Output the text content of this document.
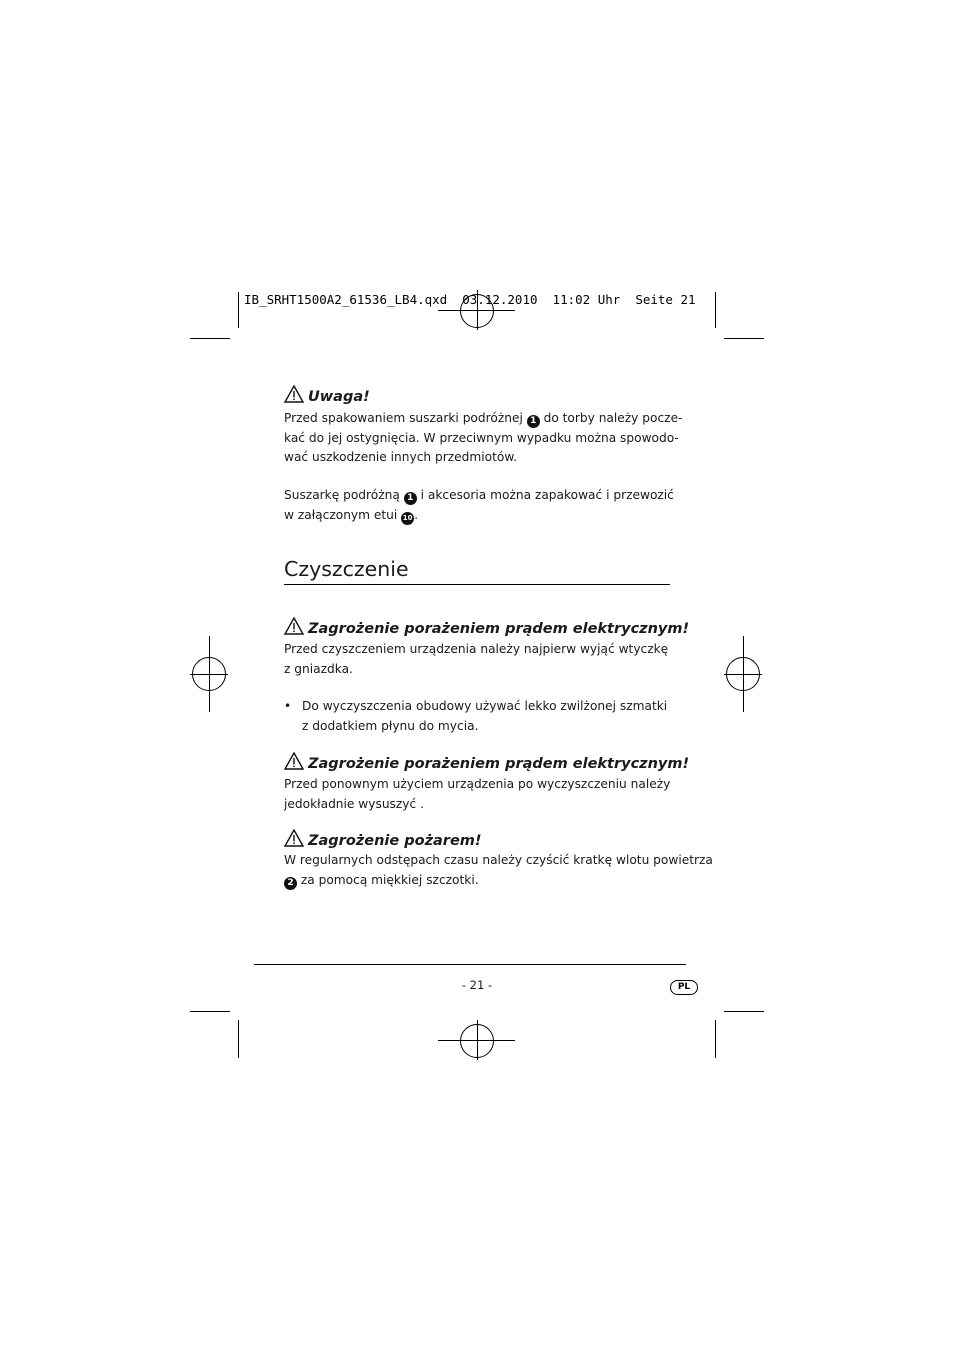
IB_SRHT1500A2_61536_LB4.qxd  03.12.2010  11:02 Uhr  Seite 21
Uwaga!
Przed spakowaniem suszarki podróżnej 1 do torby należy pocze-
kać do jej ostygnięcia. W przeciwnym wypadku można spowodo-
wać uszkodzenie innych przedmiotów.
Suszarkę podróżną 1 i akcesoria można zapakować i przewozić
w załączonym etui 10 .
Czyszczenie
Zagrożenie porażeniem prądem elektrycznym!
Przed czyszczeniem urządzenia należy najpierw wyjąć wtyczkę
z gniazdka.
• Do wyczyszczenia obudowy używać lekko zwilżonej szmatki
z dodatkiem płynu do mycia.
Zagrożenie porażeniem prądem elektrycznym!
Przed ponownym użyciem urządzenia po wyczyszczeniu należy
jedokładnie wysuszyć .
Zagrożenie pożarem!
W regularnych odstępach czasu należy czyścić kratkę wlotu powietrza
2 za pomocą miękkiej szczotki.
- 21 -	PL
